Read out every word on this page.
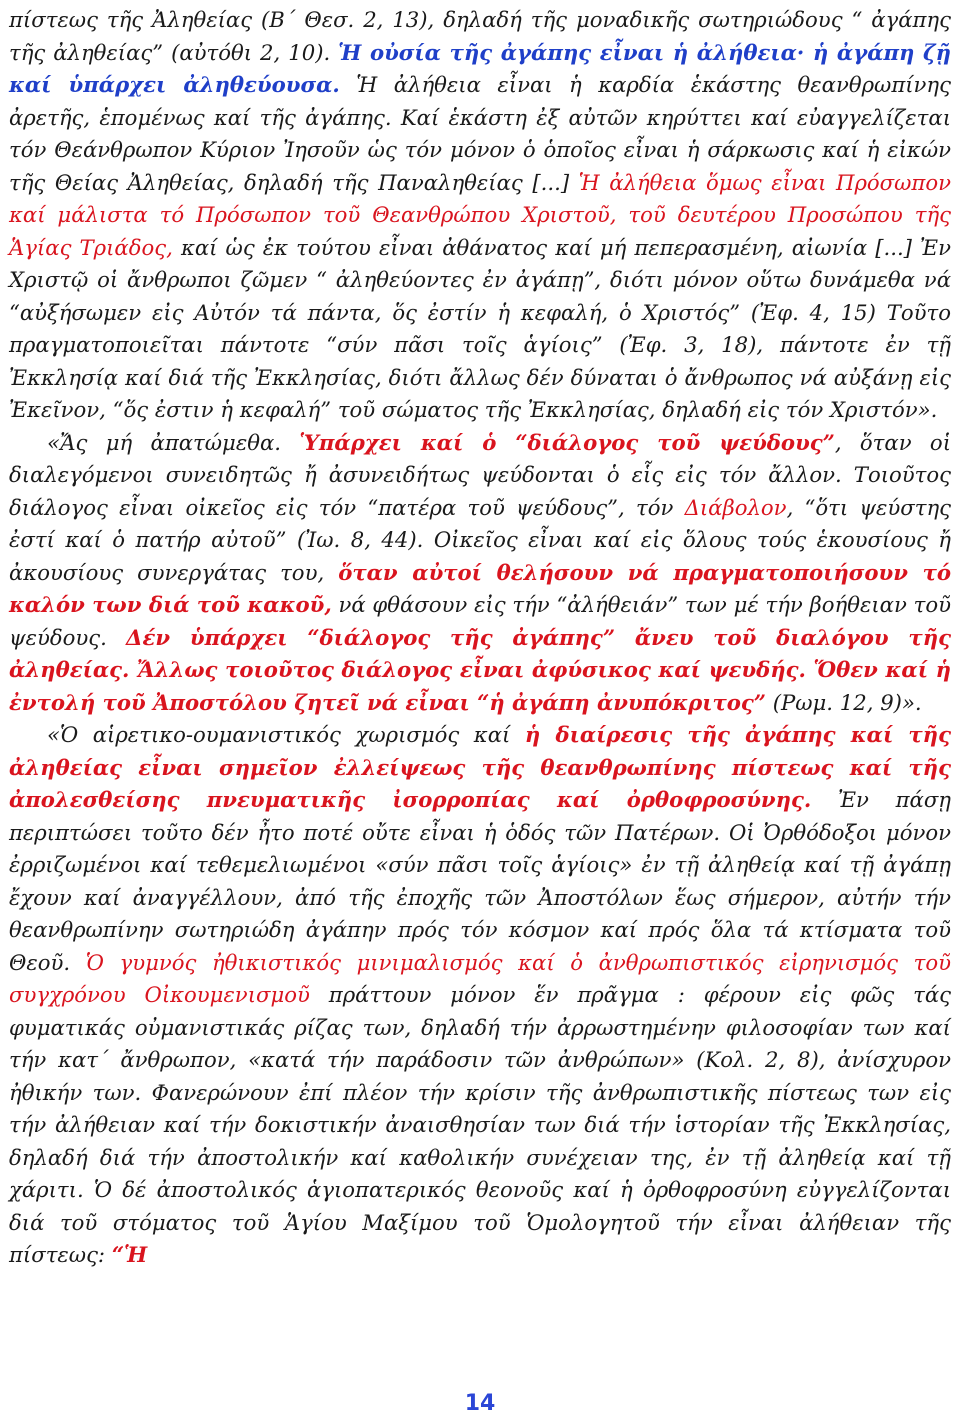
πίστεως τῆς Ἀληθείας (Β΄ Θεσ. 2, 13), δηλαδή τῆς μοναδικῆς σωτηριώδους “ ἀγάπης τῆς ἀληθείας” (αὐτόθι 2, 10). Ἡ οὐσία τῆς ἀγάπης εἶναι ἡ ἀλήθεια· ἡ ἀγάπη ζῇ καί ὑπάρχει ἀληθεύουσα. Ἡ ἀλήθεια εἶναι ἡ καρδία ἑκάστης θεανθρωπίνης ἀρετῆς, ἑπομένως καί τῆς ἀγάπης. Καί ἑκάστη ἐξ αὐτῶν κηρύττει καί εὐαγγελίζεται τόν Θεάνθρωπον Κύριον Ἰησοῦν ὡς τόν μόνον ὁ ὁποῖος εἶναι ἡ σάρκωσις καί ἡ εἰκών τῆς Θείας Ἀληθείας, δηλαδή τῆς Παναληθείας [...] Ἡ ἀλήθεια ὅμως εἶναι Πρόσωπον καί μάλιστα τό Πρόσωπον τοῦ Θεανθρώπου Χριστοῦ, τοῦ δευτέρου Προσώπου τῆς Ἁγίας Τριάδος, καί ὡς ἐκ τούτου εἶναι ἀθάνατος καί μή πεπερασμένη, αἰωνία [...] Ἐν Χριστῷ οἱ ἄνθρωποι ζῶμεν “ ἀληθεύοντες ἐν ἀγάπῃ”, διότι μόνον οὕτω δυνάμεθα νά “αὐξήσωμεν εἰς Αὐτόν τά πάντα, ὅς ἐστίν ἡ κεφαλή, ὁ Χριστός” (Ἐφ. 4, 15) Τοῦτο πραγματοποιεῖται πάντοτε “σύν πᾶσι τοῖς ἁγίοις” (Ἐφ. 3, 18), πάντοτε ἐν τῇ Ἐκκλησίᾳ καί διά τῆς Ἐκκλησίας, διότι ἄλλως δέν δύναται ὁ ἄνθρωπος νά αὐξάνῃ εἰς Ἐκεῖνον, “ὅς ἐστιν ἡ κεφαλή” τοῦ σώματος τῆς Ἐκκλησίας, δηλαδή εἰς τόν Χριστόν».

«Ἄς μή ἀπατώμεθα. Ὑπάρχει καί ὁ “διάλογος τοῦ ψεύδους”, ὅταν οἱ διαλεγόμενοι συνειδητῶς ἤ ἀσυνειδήτως ψεύδονται ὁ εἷς εἰς τόν ἄλλον. Τοιοῦτος διάλογος εἶναι οἰκεῖος εἰς τόν “πατέρα τοῦ ψεύδους”, τόν Διάβολον, “ὅτι ψεύστης ἐστί καί ὁ πατήρ αὐτοῦ” (Ἰω. 8, 44). Οἰκεῖος εἶναι καί εἰς ὅλους τούς ἑκουσίους ἤ ἀκουσίους συνεργάτας του, ὅταν αὐτοί θελήσουν νά πραγματοποιήσουν τό καλόν των διά τοῦ κακοῦ, νά φθάσουν εἰς τήν “ἀλήθειάν” των μέ τήν βοήθειαν τοῦ ψεύδους. Δέν ὑπάρχει “διάλογος τῆς ἀγάπης” ἄνευ τοῦ διαλόγου τῆς ἀληθείας. Ἄλλως τοιοῦτος διάλογος εἶναι ἀφύσικος καί ψευδής. Ὅθεν καί ἡ ἐντολή τοῦ Ἀποστόλου ζητεῖ νά εἶναι “ἡ ἀγάπη ἀνυπόκριτος” (Ρωμ. 12, 9)».

«Ὁ αἱρετικο-ουμανιστικός χωρισμός καί ἡ διαίρεσις τῆς ἀγάπης καί τῆς ἀληθείας εἶναι σημεῖον ἐλλείψεως τῆς θεανθρωπίνης πίστεως καί τῆς ἀπολεσθείσης πνευματικῆς ἰσορροπίας καί ὀρθοφροσύνης. Ἐν πάσῃ περιπτώσει τοῦτο δέν ἦτο ποτέ οὔτε εἶναι ἡ ὁδός τῶν Πατέρων. Οἱ Ὀρθόδοξοι μόνον ἐρριζωμένοι καί τεθεμελιωμένοι «σύν πᾶσι τοῖς ἁγίοις» ἐν τῇ ἀληθείᾳ καί τῇ ἀγάπῃ ἔχουν καί ἀναγγέλλουν, ἀπό τῆς ἐποχῆς τῶν Ἀποστόλων ἕως σήμερον, αὐτήν τήν θεανθρωπίνην σωτηριώδη ἀγάπην πρός τόν κόσμον καί πρός ὅλα τά κτίσματα τοῦ Θεοῦ. Ὁ γυμνός ἠθικιστικός μινιμαλισμός καί ὁ ἀνθρωπιστικός εἰρηνισμός τοῦ συγχρόνου Οἰκουμενισμοῦ πράττουν μόνον ἕν πρᾶγμα : φέρουν εἰς φῶς τάς φυματικάς οὐμανιστικάς ρίζας των, δηλαδή τήν ἀρρωστημένην φιλοσοφίαν των καί τήν κατ΄ ἄνθρωπον, «κατά τήν παράδοσιν τῶν ἀνθρώπων» (Κολ. 2, 8), ἀνίσχυρον ἠθικήν των. Φανερώνουν ἐπί πλέον τήν κρίσιν τῆς ἀνθρωπιστικῆς πίστεως των εἰς τήν ἀλήθειαν καί τήν δοκιστικήν ἀναισθησίαν των διά τήν ἱστορίαν τῆς Ἐκκλησίας, δηλαδή διά τήν ἀποστολικήν καί καθολικήν συνέχειαν της, ἐν τῇ ἀληθείᾳ καί τῇ χάριτι. Ὁ δέ ἀποστολικός ἁγιοπατερικός θεονοῦς καί ἡ ὀρθοφροσύνη εὐγγελίζονται διά τοῦ στόματος τοῦ Ἁγίου Μαξίμου τοῦ Ὁμολογητοῦ τήν εἶναι ἀλήθειαν τῆς πίστεως: “Ἡ

14
